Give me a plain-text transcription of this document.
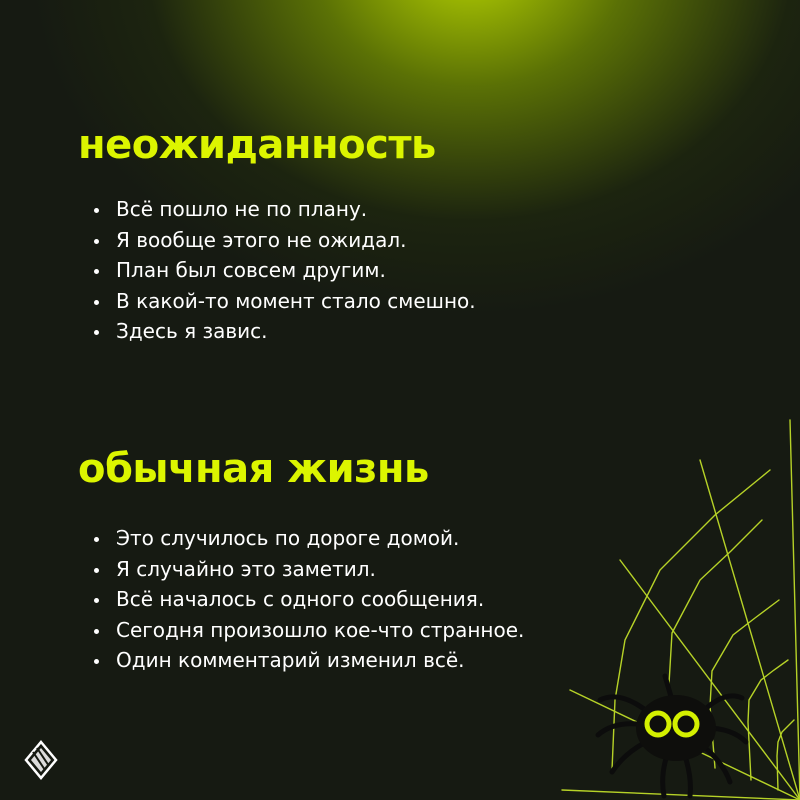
неожиданность
Всё пошло не по плану.
Я вообще этого не ожидал.
План был совсем другим.
В какой-то момент стало смешно.
Здесь я завис.
обычная жизнь
Это случилось по дороге домой.
Я случайно это заметил.
Всё началось с одного сообщения.
Сегодня произошло кое-что странное.
Один комментарий изменил всё.
